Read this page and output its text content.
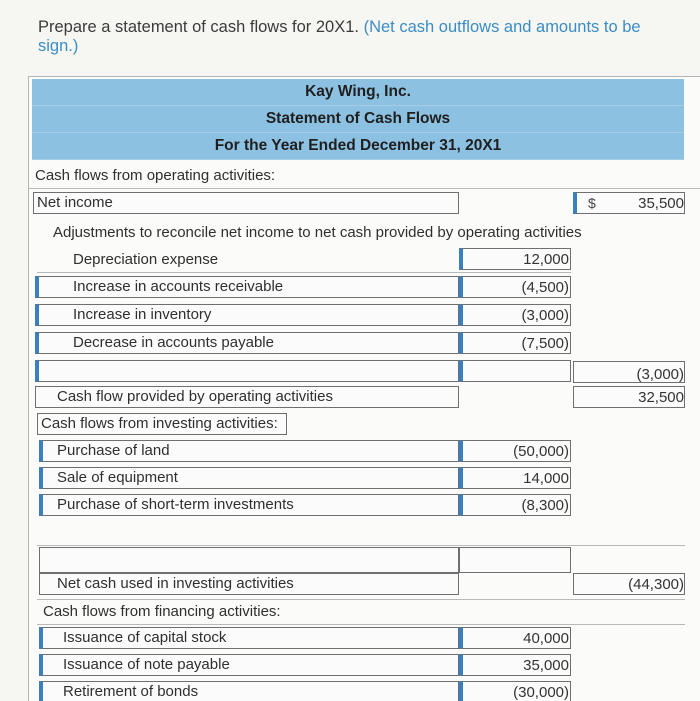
Prepare a statement of cash flows for 20X1. (Net cash outflows and amounts to be
sign.)
Kay Wing, Inc.
Statement of Cash Flows
For the Year Ended December 31, 20X1
Cash flows from operating activities:
Net income	$	35,500
Adjustments to reconcile net income to net cash provided by operating activities
Depreciation expense	12,000
Increase in accounts receivable	(4,500)
Increase in inventory	(3,000)
Decrease in accounts payable	(7,500)
(3,000)
Cash flow provided by operating activities	32,500
Cash flows from investing activities:
Purchase of land	(50,000)
Sale of equipment	14,000
Purchase of short-term investments	(8,300)
Net cash used in investing activities	(44,300)
Cash flows from financing activities:
Issuance of capital stock	40,000
Issuance of note payable	35,000
Retirement of bonds	(30,000)
